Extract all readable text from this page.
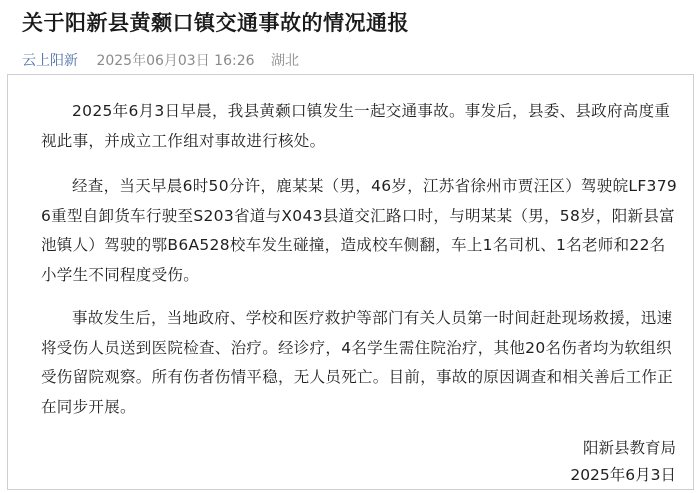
关于阳新县黄颡口镇交通事故的情况通报
云上阳新 2025年06月03日 16:26 湖北

2025年6月3日早晨，我县黄颡口镇发生一起交通事故。事发后，县委、县政府高度重视此事，并成立工作组对事故进行核处。

经查，当天早晨6时50分许，鹿某某（男，46岁，江苏省徐州市贾汪区）驾驶皖LF3796重型自卸货车行驶至S203省道与X043县道交汇路口时，与明某某（男，58岁，阳新县富池镇人）驾驶的鄂B6A528校车发生碰撞，造成校车侧翻，车上1名司机、1名老师和22名小学生不同程度受伤。

事故发生后，当地政府、学校和医疗救护等部门有关人员第一时间赶赴现场救援，迅速将受伤人员送到医院检查、治疗。经诊疗，4名学生需住院治疗，其他20名伤者均为软组织受伤留院观察。所有伤者伤情平稳，无人员死亡。目前，事故的原因调查和相关善后工作正在同步开展。

阳新县教育局

2025年6月3日
